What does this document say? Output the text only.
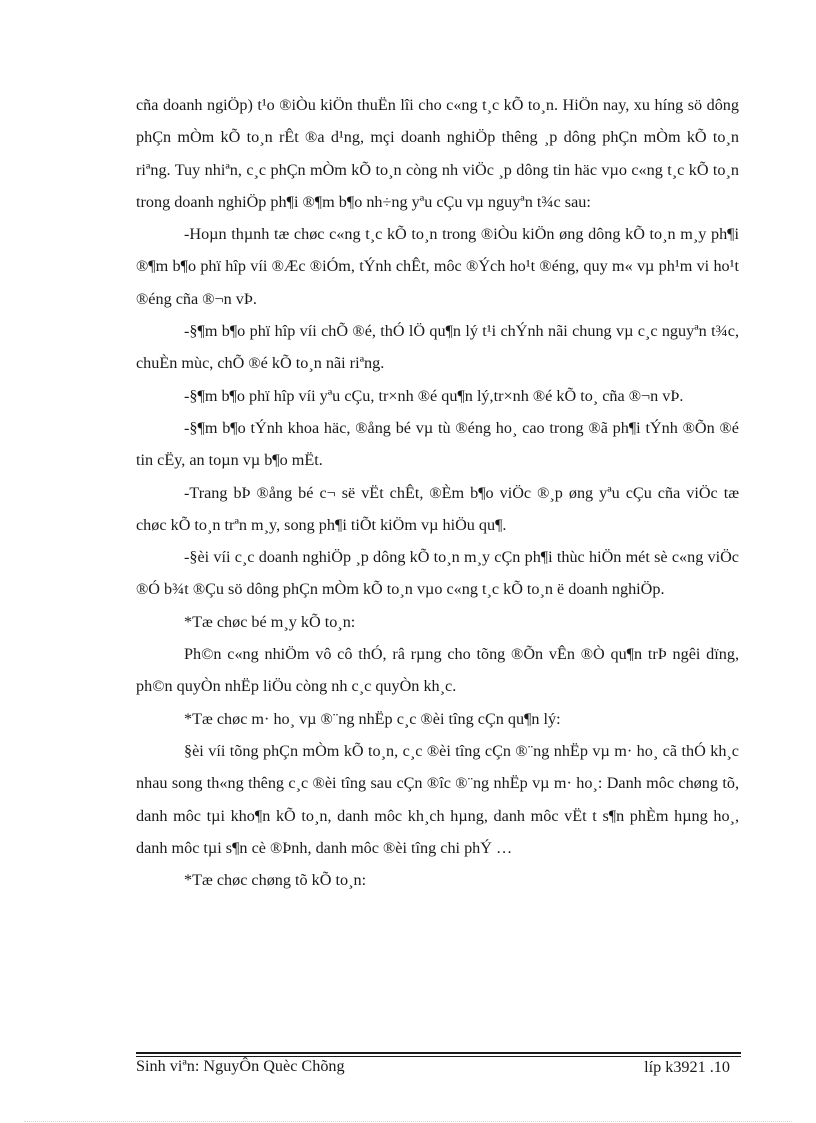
cña doanh ngiÖp) t¹o ®iÒu kiÖn thuËn lîi cho c«ng t¸c kÕ to¸n. HiÖn nay, xu híng sö dông phÇn mÒm kÕ to¸n rÊt ®a d¹ng, mçi doanh nghiÖp thêng ¸p dông phÇn mÒm kÕ to¸n riªng. Tuy nhiªn, c¸c phÇn mÒm kÕ to¸n còng nh viÖc ¸p dông tin häc vµo c«ng t¸c kÕ to¸n trong doanh nghiÖp ph¶i ®¶m b¶o nh÷ng yªu cÇu vµ nguyªn t¾c sau:

-Hoµn thµnh tæ chøc c«ng t¸c kÕ to¸n trong ®iÒu kiÖn øng dông kÕ to¸n m¸y ph¶i ®¶m b¶o phï hîp víi ®Æc ®iÓm, tÝnh chÊt, môc ®Ých ho¹t ®éng, quy m« vµ ph¹m vi ho¹t ®éng cña ®¬n vÞ.

-§¶m b¶o phï hîp víi chÕ ®é, thÓ lÖ qu¶n lý t¹i chÝnh nãi chung vµ c¸c nguyªn t¾c, chuÈn mùc, chÕ ®é kÕ to¸n nãi riªng.

-§¶m b¶o phï hîp víi yªu cÇu, tr×nh ®é qu¶n lý,tr×nh ®é kÕ to¸ cña ®¬n vÞ.

-§¶m b¶o tÝnh khoa häc, ®ång bé vµ tù ®éng ho¸ cao trong ®ã ph¶i tÝnh ®Õn ®é tin cËy, an toµn vµ b¶o mËt.

-Trang bÞ ®ång bé c¬ së vËt chÊt, ®Èm b¶o viÖc ®¸p øng yªu cÇu cña viÖc tæ chøc kÕ to¸n trªn m¸y, song ph¶i tiÕt kiÖm vµ hiÖu qu¶.

-§èi víi c¸c doanh nghiÖp ¸p dông kÕ to¸n m¸y cÇn ph¶i thùc hiÖn mét sè c«ng viÖc ®Ó b¾t ®Çu sö dông phÇn mÒm kÕ to¸n vµo c«ng t¸c kÕ to¸n ë doanh nghiÖp.

*Tæ chøc bé m¸y kÕ to¸n:

Ph©n c«ng nhiÖm vô cô thÓ, râ rµng cho tõng ®Õn vÊn ®Ò qu¶n trÞ ngêi dïng, ph©n quyÒn nhËp liÖu còng nh c¸c quyÒn kh¸c.

*Tæ chøc m· ho¸ vµ ®¨ng nhËp c¸c ®èi tîng cÇn qu¶n lý:

§èi víi tõng phÇn mÒm kÕ to¸n, c¸c ®èi tîng cÇn ®¨ng nhËp vµ m· ho¸ cã thÓ kh¸c nhau song th«ng thêng c¸c ®èi tîng sau cÇn ®îc ®¨ng nhËp vµ m· ho¸: Danh môc chøng tõ, danh môc tµi kho¶n kÕ to¸n, danh môc kh¸ch hµng, danh môc vËt t s¶n phÈm hµng ho¸, danh môc tµi s¶n cè ®Þnh, danh môc ®èi tîng chi phÝ …

*Tæ chøc chøng tõ kÕ to¸n:

Sinh viªn: NguyÔn Quèc Chõng	líp k3921 .10
